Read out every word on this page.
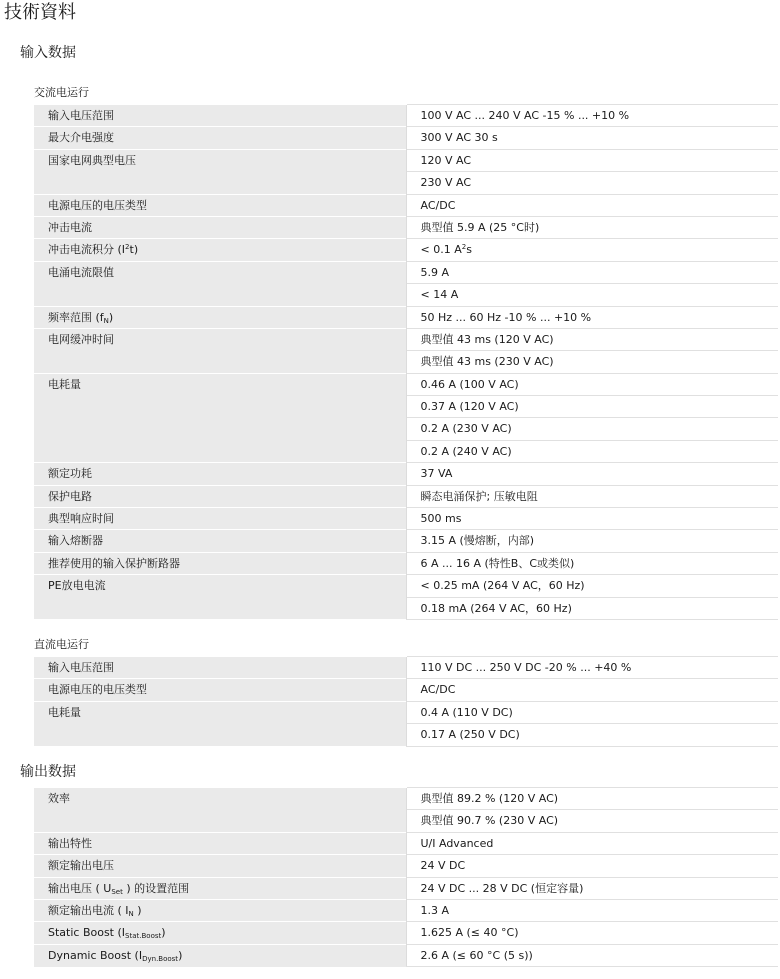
技術資料
输入数据
交流电运行
输入电压范围	100 V AC ... 240 V AC -15 % ... +10 %
最大介电强度	300 V AC 30 s
国家电网典型电压	120 V AC
	230 V AC
电源电压的电压类型	AC/DC
冲击电流	典型值 5.9 A (25 °C时)
冲击电流积分 $(I^2t)$	< 0.1 $A^2s$
电涌电流限值	5.9 A
	< 14 A
频率范围 $(f_N)$	50 Hz ... 60 Hz -10 % ... +10 %
电网缓冲时间	典型值 43 ms (120 V AC)
	典型值 43 ms (230 V AC)
电耗量	0.46 A (100 V AC)
	0.37 A (120 V AC)
	0.2 A (230 V AC)
	0.2 A (240 V AC)
额定功耗	37 VA
保护电路	瞬态电涌保护; 压敏电阻
典型响应时间	500 ms
输入熔断器	3.15 A (慢熔断，内部)
推荐使用的输入保护断路器	6 A ... 16 A (特性B、C或类似)
PE放电电流	< 0.25 mA (264 V AC，60 Hz)
	0.18 mA (264 V AC，60 Hz)
直流电运行
输入电压范围	110 V DC ... 250 V DC -20 % ... +40 %
电源电压的电压类型	AC/DC
电耗量	0.4 A (110 V DC)
	0.17 A (250 V DC)
输出数据
效率	典型值 89.2 % (120 V AC)
	典型值 90.7 % (230 V AC)
输出特性	U/I Advanced
额定输出电压	24 V DC
输出电压 ( $U_{Set}$ ) 的设置范围	24 V DC ... 28 V DC (恒定容量)
额定输出电流 ( $I_N$ )	1.3 A
Static Boost $(I_{Stat.Boost})$	1.625 A (≤ 40 °C)
Dynamic Boost $(I_{Dyn.Boost})$	2.6 A (≤ 60 °C (5 s))
